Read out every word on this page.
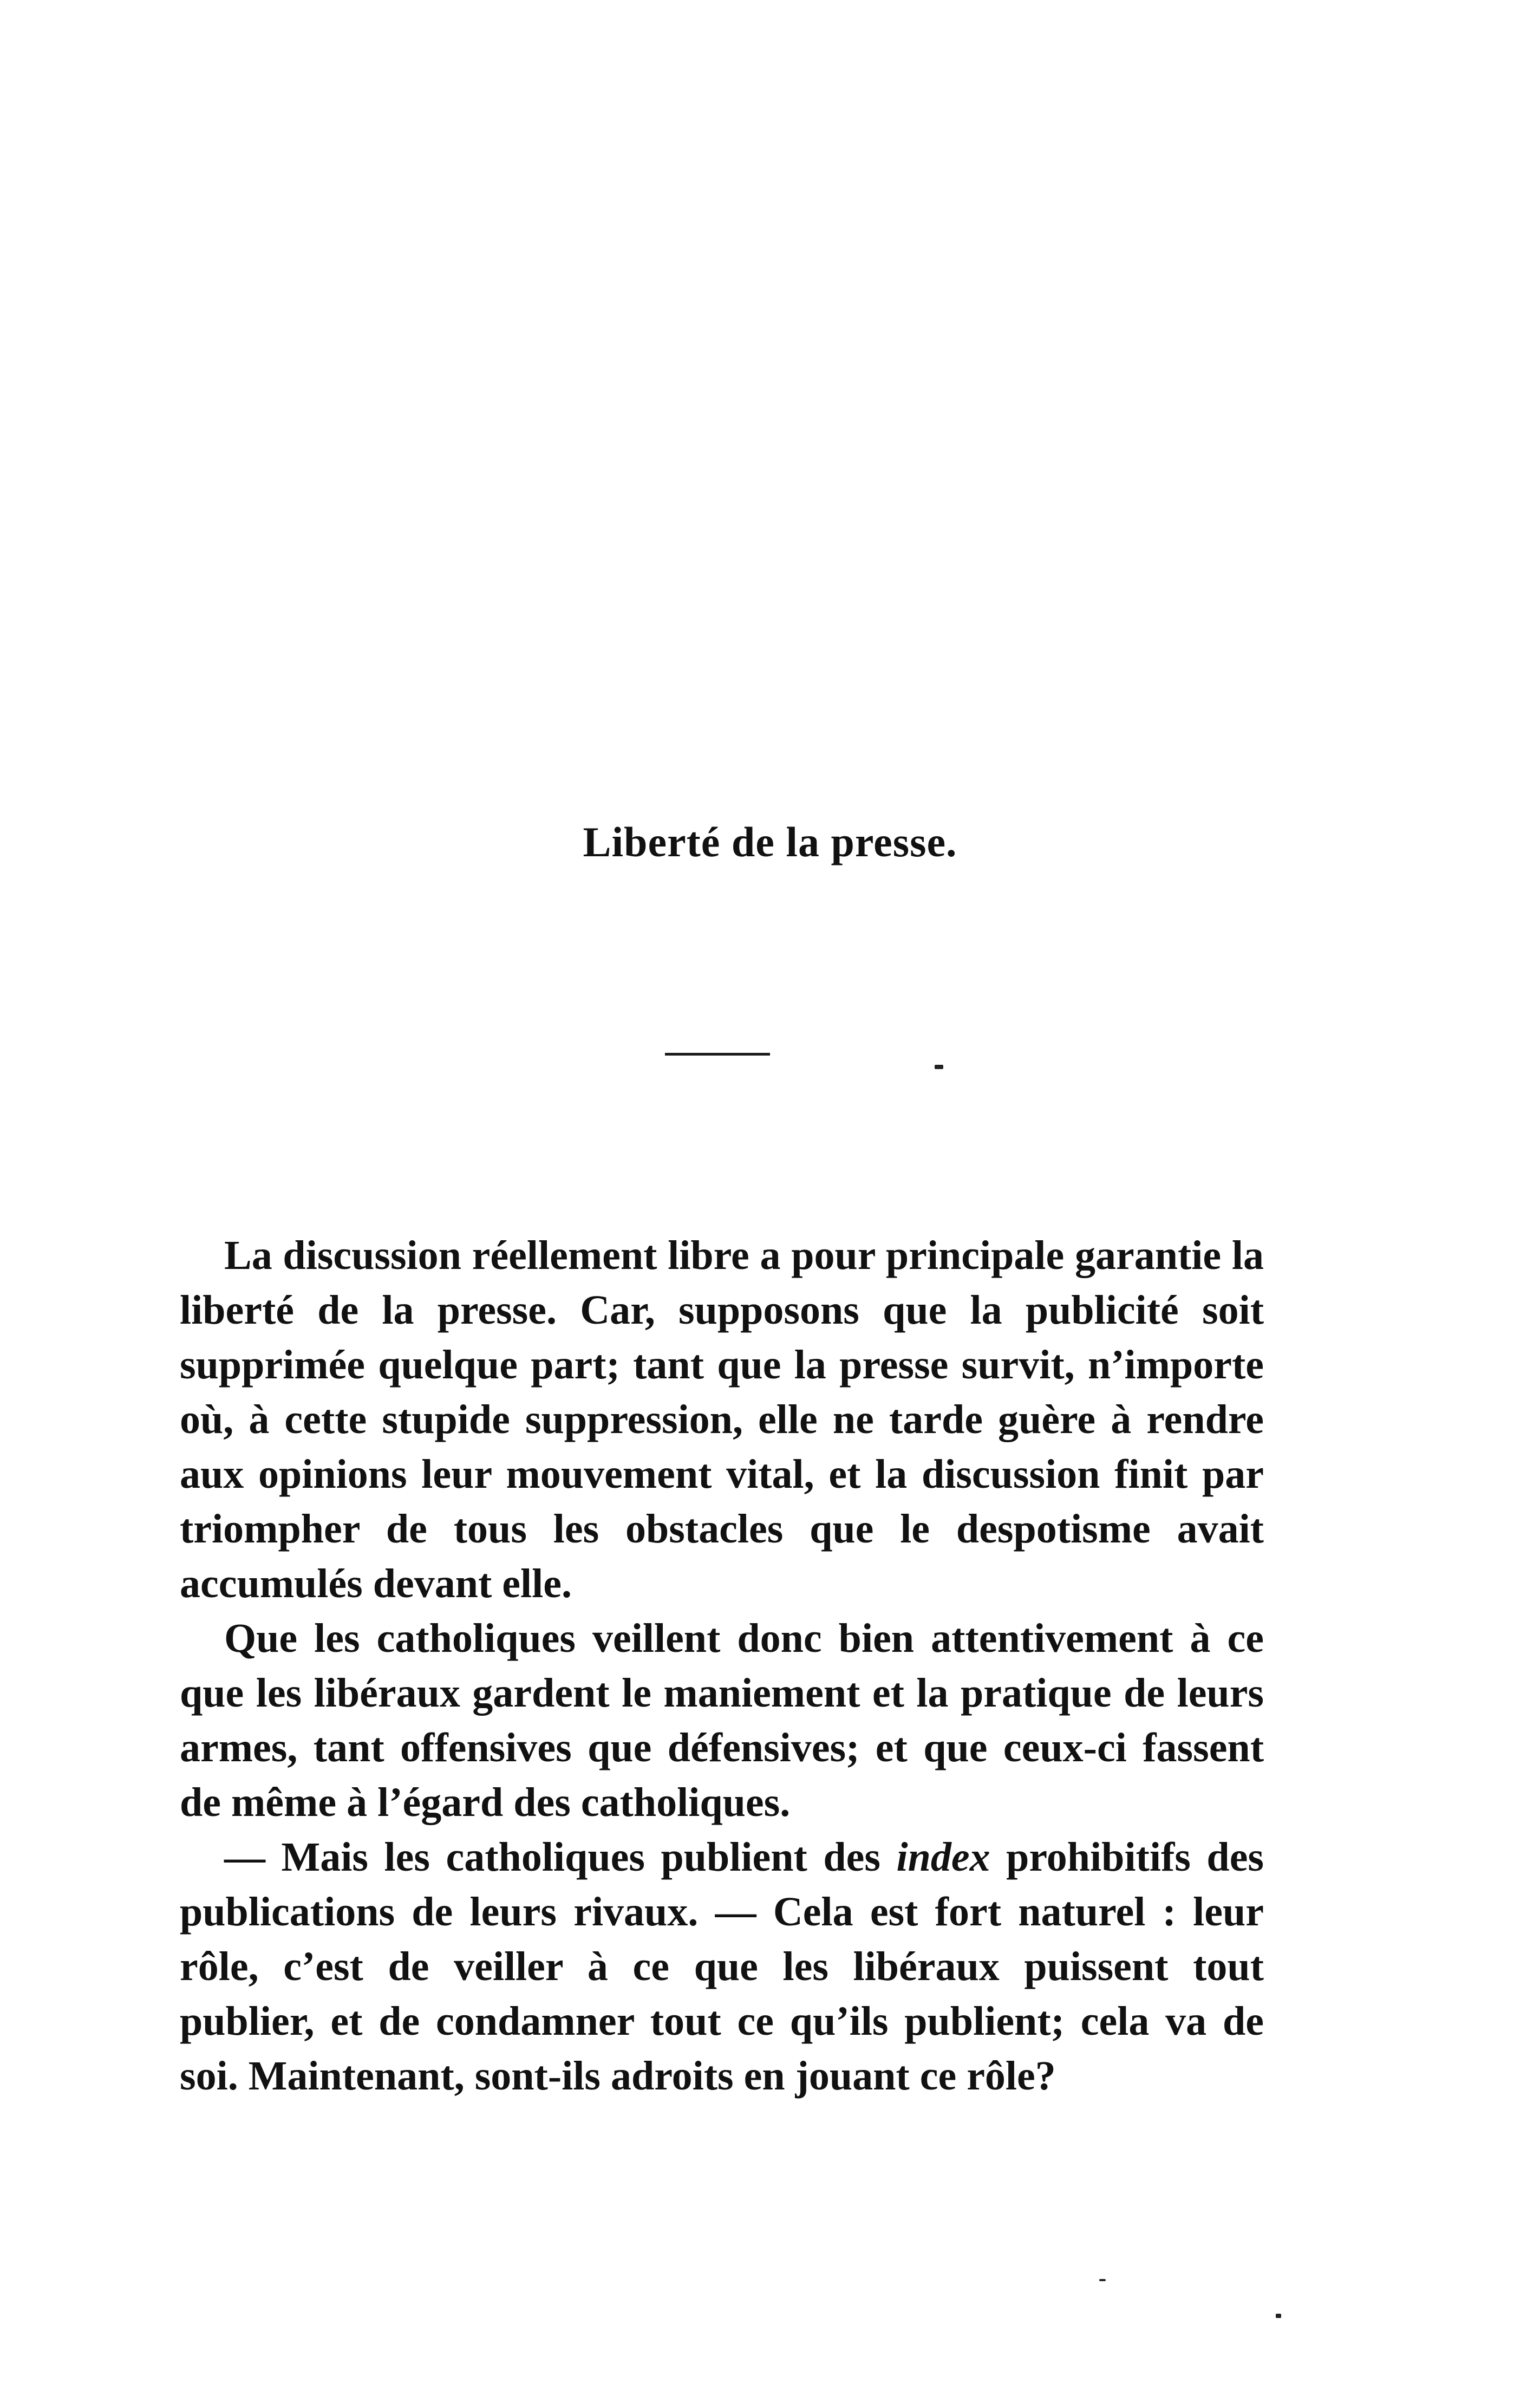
Liberté de la presse.

La discussion réellement libre a pour principale garantie la liberté de la presse. Car, supposons que la publicité soit supprimée quelque part; tant que la presse survit, n’importe où, à cette stupide suppression, elle ne tarde guère à rendre aux opinions leur mouvement vital, et la discussion finit par triompher de tous les obstacles que le despotisme avait accumulés devant elle.

Que les catholiques veillent donc bien attentivement à ce que les libéraux gardent le maniement et la pratique de leurs armes, tant offensives que défensives; et que ceux-ci fassent de même à l’égard des catholiques.

— Mais les catholiques publient des index prohibitifs des publications de leurs rivaux. — Cela est fort naturel : leur rôle, c’est de veiller à ce que les libéraux puissent tout publier, et de condamner tout ce qu’ils publient; cela va de soi. Maintenant, sont-ils adroits en jouant ce rôle?
